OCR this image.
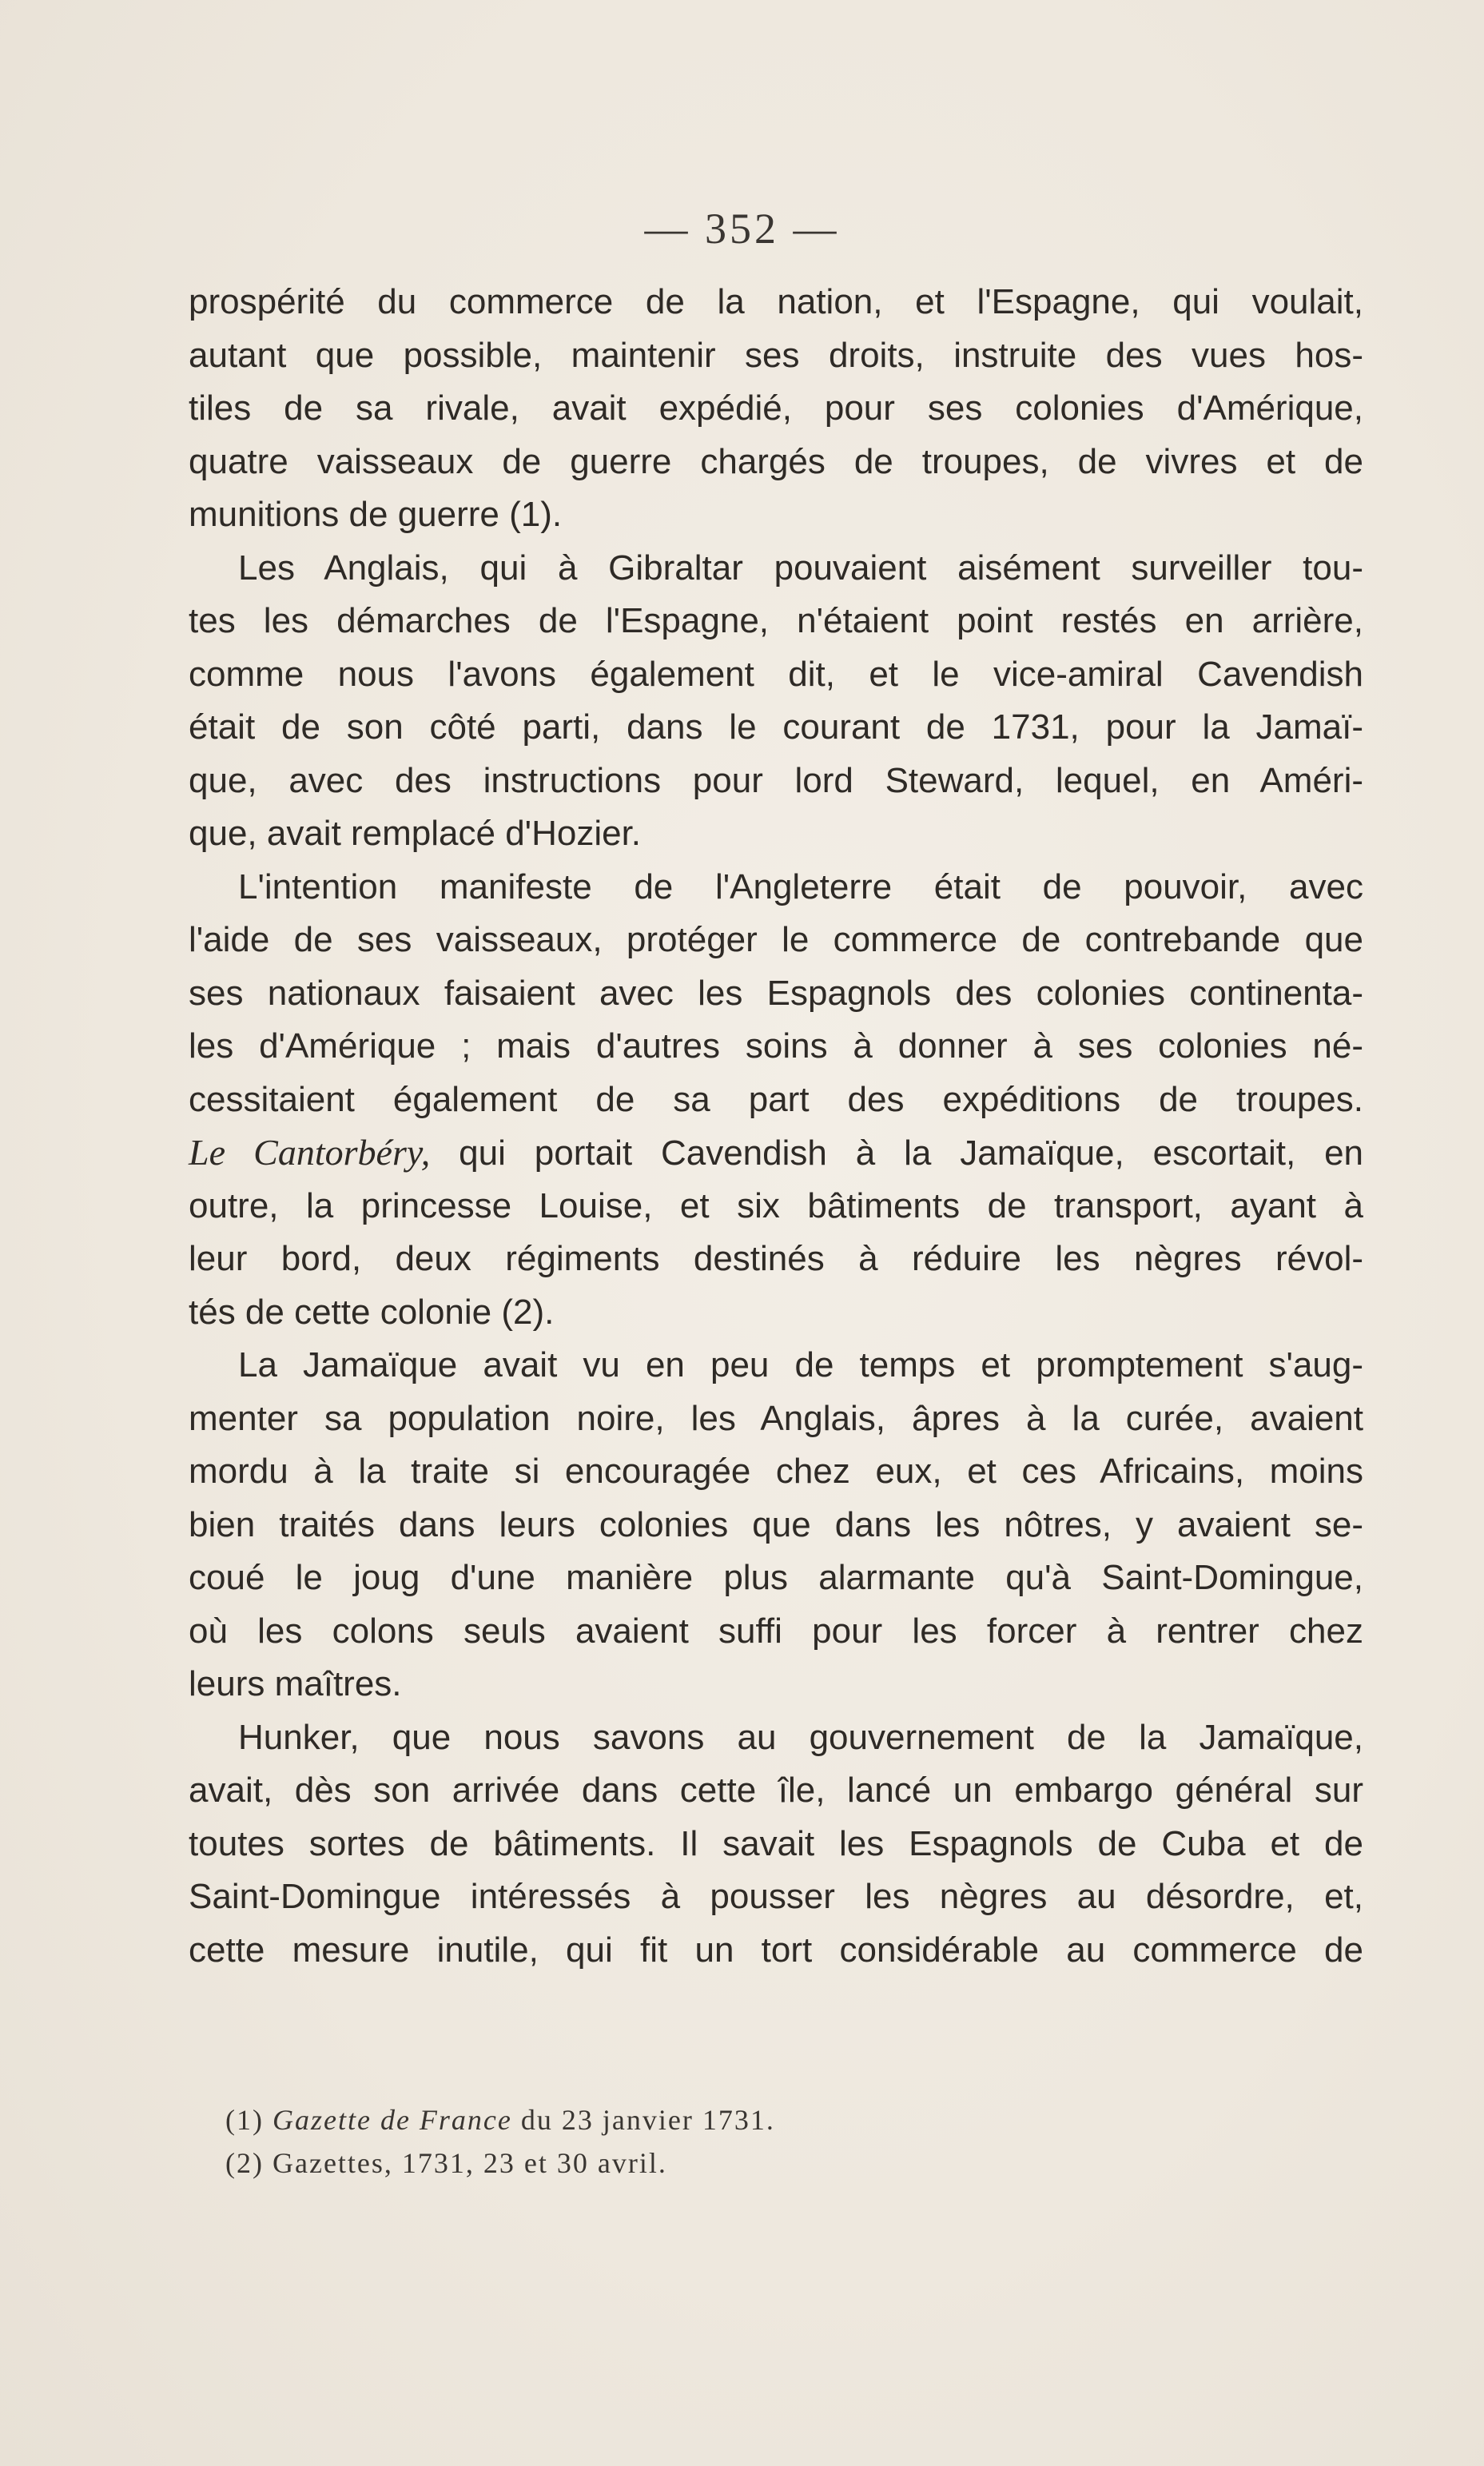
— 352 —
prospérité du commerce de la nation, et l'Espagne, qui voulait,
autant que possible, maintenir ses droits, instruite des vues hos-
tiles de sa rivale, avait expédié, pour ses colonies d'Amérique,
quatre vaisseaux de guerre chargés de troupes, de vivres et de
munitions de guerre (1).
Les Anglais, qui à Gibraltar pouvaient aisément surveiller tou-
tes les démarches de l'Espagne, n'étaient point restés en arrière,
comme nous l'avons également dit, et le vice-amiral Cavendish
était de son côté parti, dans le courant de 1731, pour la Jamaï-
que, avec des instructions pour lord Steward, lequel, en Améri-
que, avait remplacé d'Hozier.
L'intention manifeste de l'Angleterre était de pouvoir, avec
l'aide de ses vaisseaux, protéger le commerce de contrebande que
ses nationaux faisaient avec les Espagnols des colonies continenta-
les d'Amérique ; mais d'autres soins à donner à ses colonies né-
cessitaient également de sa part des expéditions de troupes.
Le Cantorbéry, qui portait Cavendish à la Jamaïque, escortait, en
outre, la princesse Louise, et six bâtiments de transport, ayant à
leur bord, deux régiments destinés à réduire les nègres révol-
tés de cette colonie (2).
La Jamaïque avait vu en peu de temps et promptement s'aug-
menter sa population noire, les Anglais, âpres à la curée, avaient
mordu à la traite si encouragée chez eux, et ces Africains, moins
bien traités dans leurs colonies que dans les nôtres, y avaient se-
coué le joug d'une manière plus alarmante qu'à Saint-Domingue,
où les colons seuls avaient suffi pour les forcer à rentrer chez
leurs maîtres.
Hunker, que nous savons au gouvernement de la Jamaïque,
avait, dès son arrivée dans cette île, lancé un embargo général sur
toutes sortes de bâtiments. Il savait les Espagnols de Cuba et de
Saint-Domingue intéressés à pousser les nègres au désordre, et,
cette mesure inutile, qui fit un tort considérable au commerce de
(1) Gazette de France du 23 janvier 1731.
(2) Gazettes, 1731, 23 et 30 avril.
